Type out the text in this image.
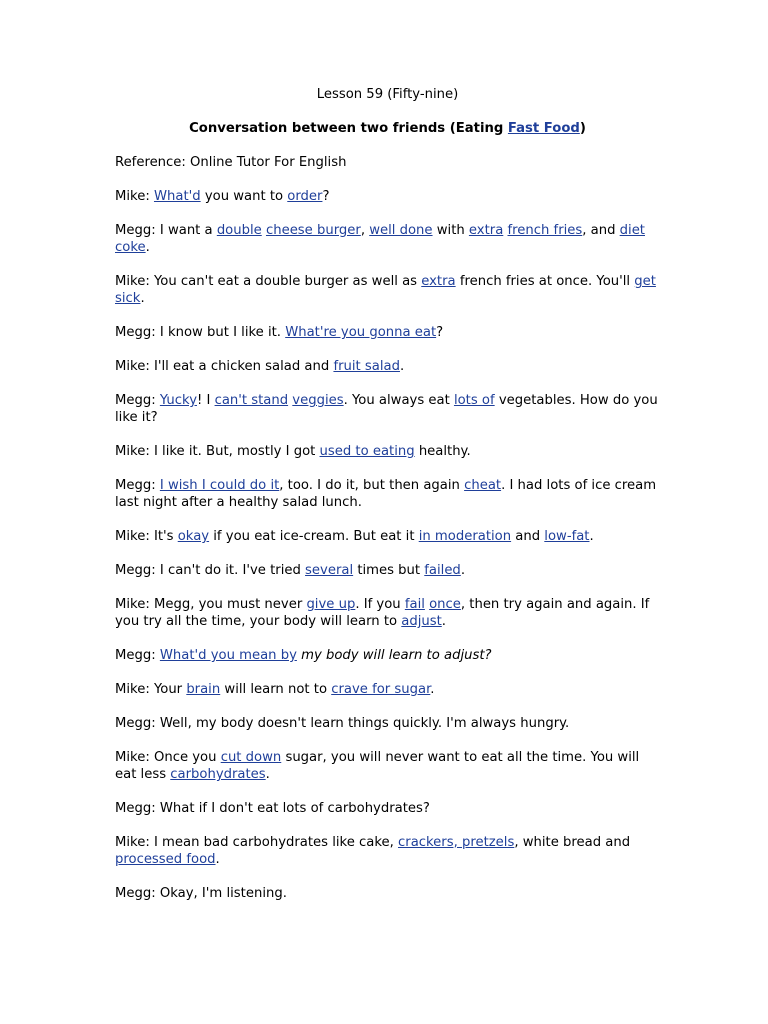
Lesson 59 (Fifty-nine)

Conversation between two friends (Eating Fast Food)

Reference: Online Tutor For English

Mike: What'd you want to order?

Megg: I want a double cheese burger, well done with extra french fries, and diet coke.

Mike: You can't eat a double burger as well as extra french fries at once. You'll get sick.

Megg: I know but I like it. What're you gonna eat?

Mike: I'll eat a chicken salad and fruit salad.

Megg: Yucky! I can't stand veggies. You always eat lots of vegetables. How do you like it?

Mike: I like it. But, mostly I got used to eating healthy.

Megg: I wish I could do it, too. I do it, but then again cheat. I had lots of ice cream last night after a healthy salad lunch.

Mike: It's okay if you eat ice-cream. But eat it in moderation and low-fat.

Megg: I can't do it. I've tried several times but failed.

Mike: Megg, you must never give up. If you fail once, then try again and again. If you try all the time, your body will learn to adjust.

Megg: What'd you mean by my body will learn to adjust?

Mike: Your brain will learn not to crave for sugar.

Megg: Well, my body doesn't learn things quickly. I'm always hungry.

Mike: Once you cut down sugar, you will never want to eat all the time. You will eat less carbohydrates.

Megg: What if I don't eat lots of carbohydrates?

Mike: I mean bad carbohydrates like cake, crackers, pretzels, white bread and processed food.

Megg: Okay, I'm listening.
